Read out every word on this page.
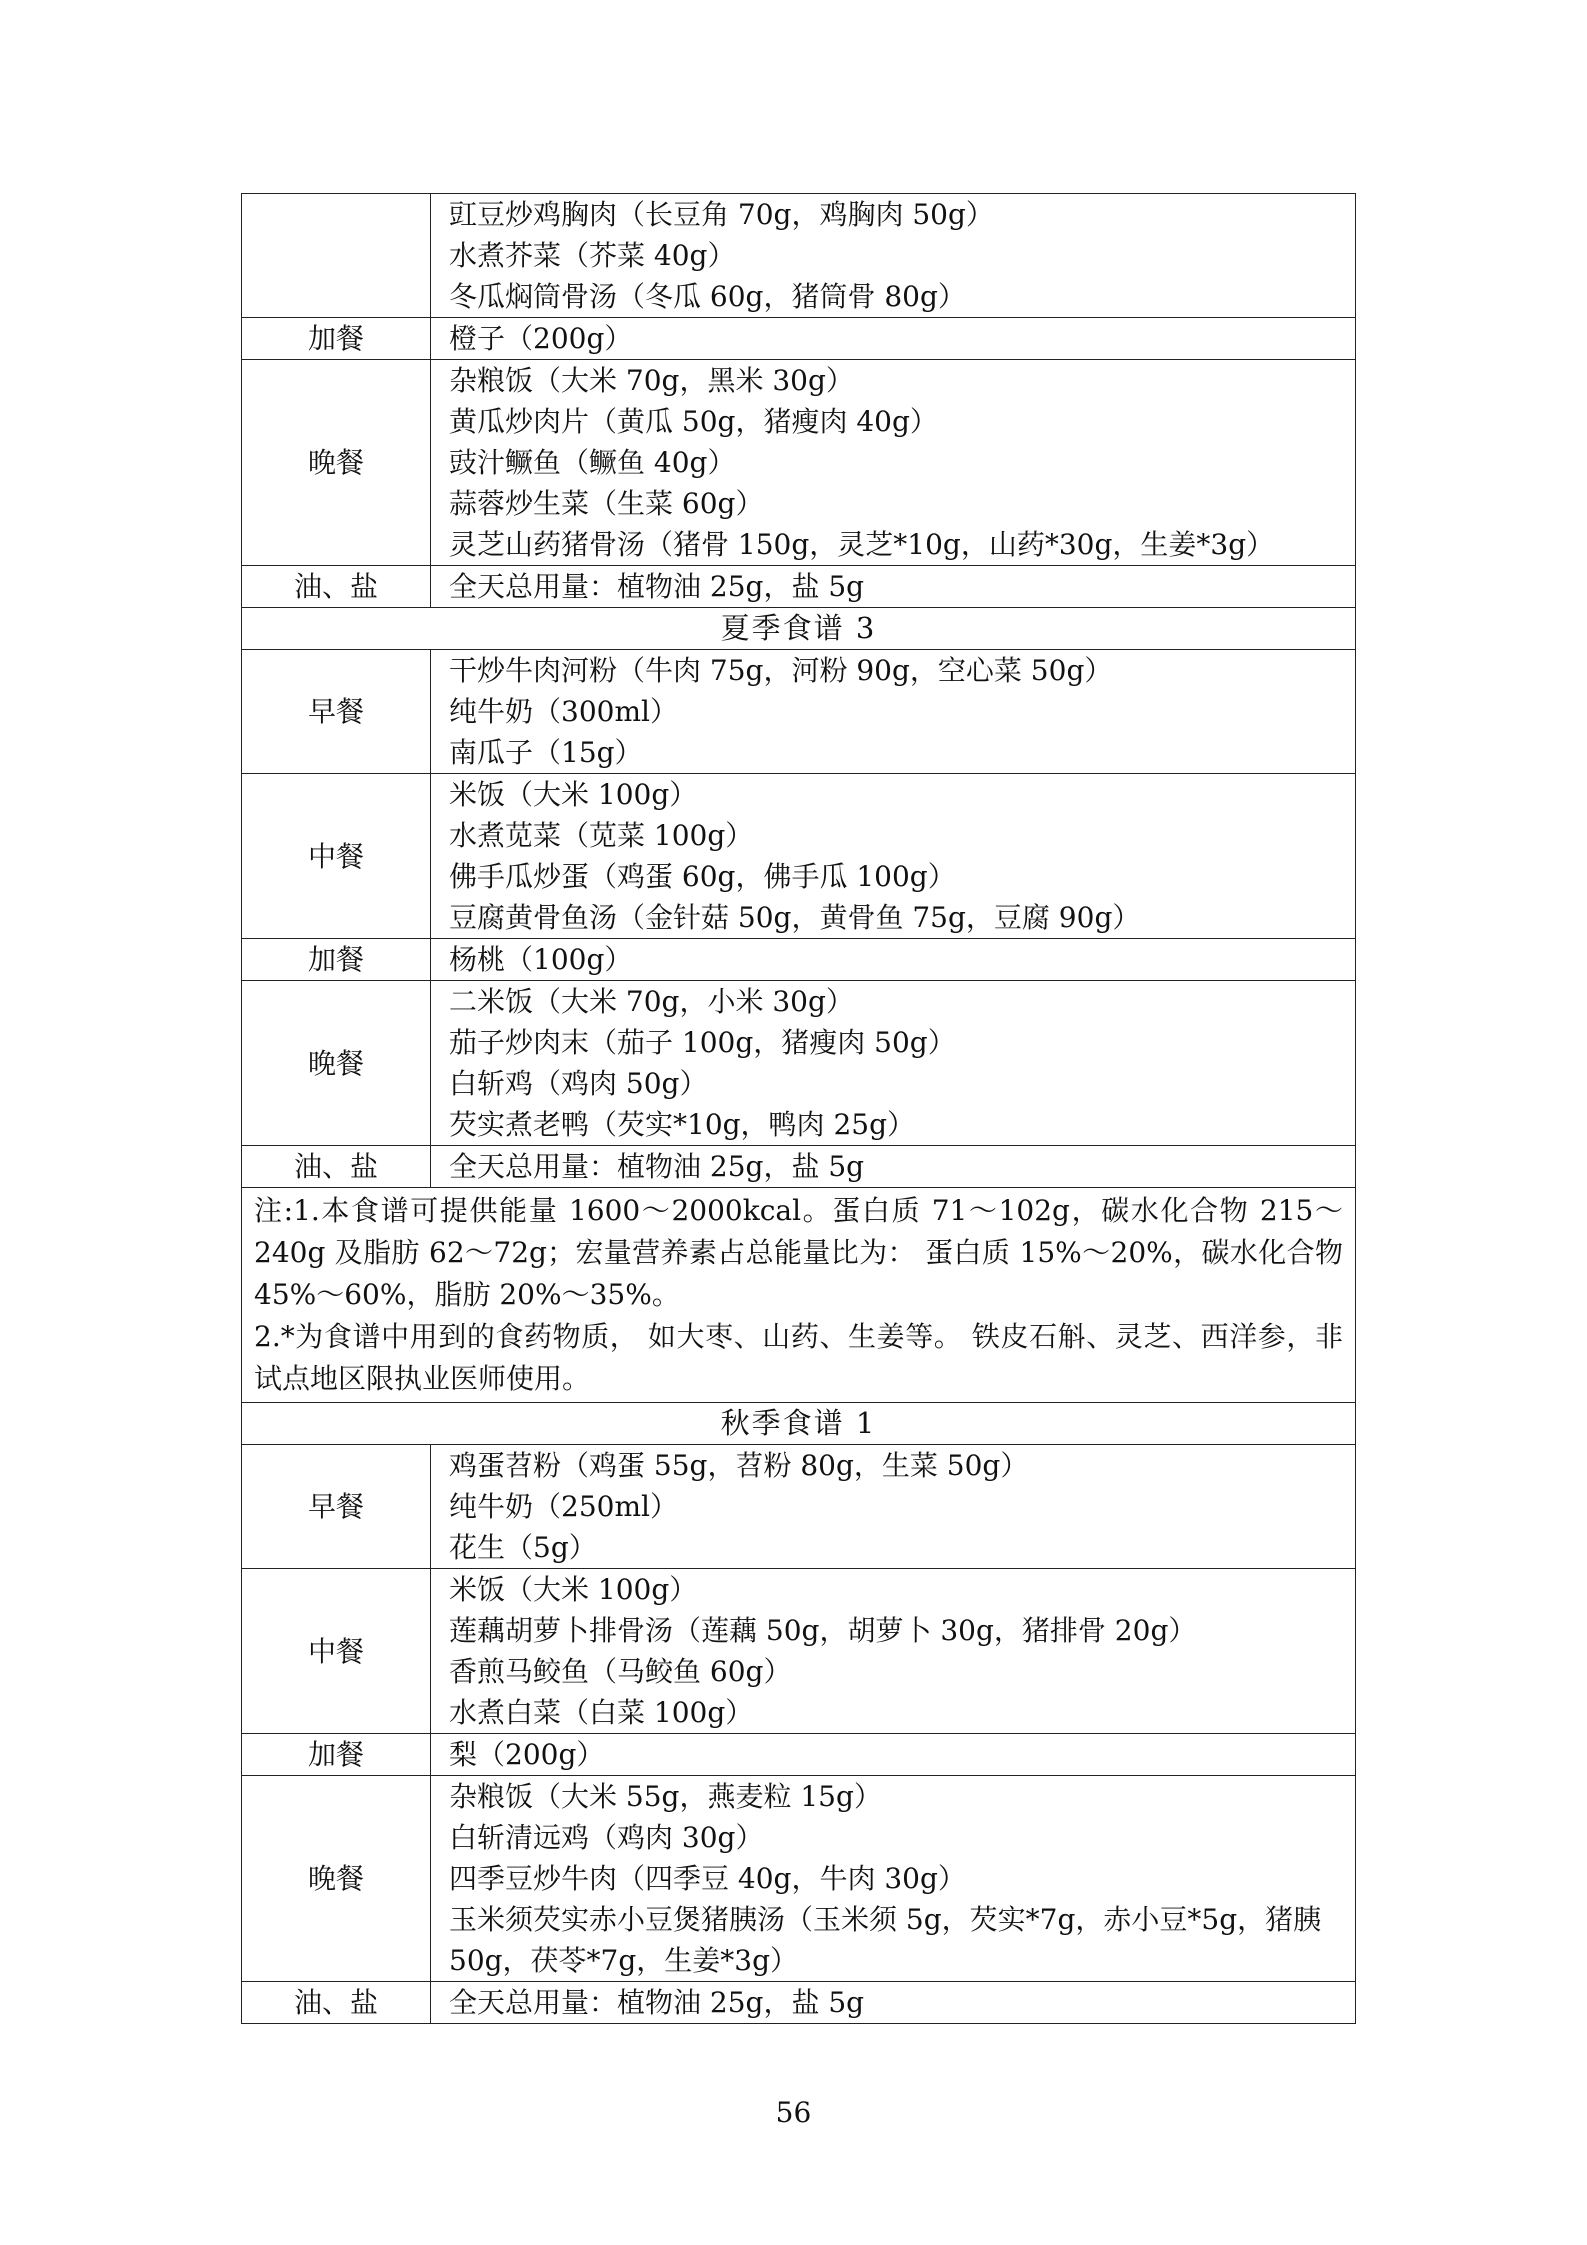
	豇豆炒鸡胸肉（长豆角 70g，鸡胸肉 50g）
水煮芥菜（芥菜 40g）
冬瓜焖筒骨汤（冬瓜 60g，猪筒骨 80g）

加餐	橙子（200g）

晚餐	杂粮饭（大米 70g，黑米 30g）
黄瓜炒肉片（黄瓜 50g，猪瘦肉 40g）
豉汁鳜鱼（鳜鱼 40g）
蒜蓉炒生菜（生菜 60g）
灵芝山药猪骨汤（猪骨 150g，灵芝*10g，山药*30g，生姜*3g）

油、盐	全天总用量：植物油 25g，盐 5g

夏季食谱 3	
早餐	干炒牛肉河粉（牛肉 75g，河粉 90g，空心菜 50g）
纯牛奶（300ml）
南瓜子（15g）

中餐	米饭（大米 100g）
水煮苋菜（苋菜 100g）
佛手瓜炒蛋（鸡蛋 60g，佛手瓜 100g）
豆腐黄骨鱼汤（金针菇 50g，黄骨鱼 75g，豆腐 90g）

加餐	杨桃（100g）

晚餐	二米饭（大米 70g，小米 30g）
茄子炒肉末（茄子 100g，猪瘦肉 50g）
白斩鸡（鸡肉 50g）
芡实煮老鸭（芡实*10g，鸭肉 25g）

油、盐	全天总用量：植物油 25g，盐 5g

注:1.本食谱可提供能量 1600～2000kcal。蛋白质 71～102g，碳水化合物 215～240g 及脂肪 62～72g；宏量营养素占总能量比为： 蛋白质 15%～20%，碳水化合物 45%～60%，脂肪 20%～35%。
2.*为食谱中用到的食药物质， 如大枣、山药、生姜等。 铁皮石斛、灵芝、西洋参，非试点地区限执业医师使用。	

秋季食谱 1	
早餐	鸡蛋苕粉（鸡蛋 55g，苕粉 80g，生菜 50g）
纯牛奶（250ml）
花生（5g）

中餐	米饭（大米 100g）
莲藕胡萝卜排骨汤（莲藕 50g，胡萝卜 30g，猪排骨 20g）
香煎马鲛鱼（马鲛鱼 60g）
水煮白菜（白菜 100g）

加餐	梨（200g）

晚餐	杂粮饭（大米 55g，燕麦粒 15g）
白斩清远鸡（鸡肉 30g）
四季豆炒牛肉（四季豆 40g，牛肉 30g）
玉米须芡实赤小豆煲猪胰汤（玉米须 5g，芡实*7g，赤小豆*5g，猪胰 50g，茯苓*7g，生姜*3g）

油、盐	全天总用量：植物油 25g，盐 5g
56
